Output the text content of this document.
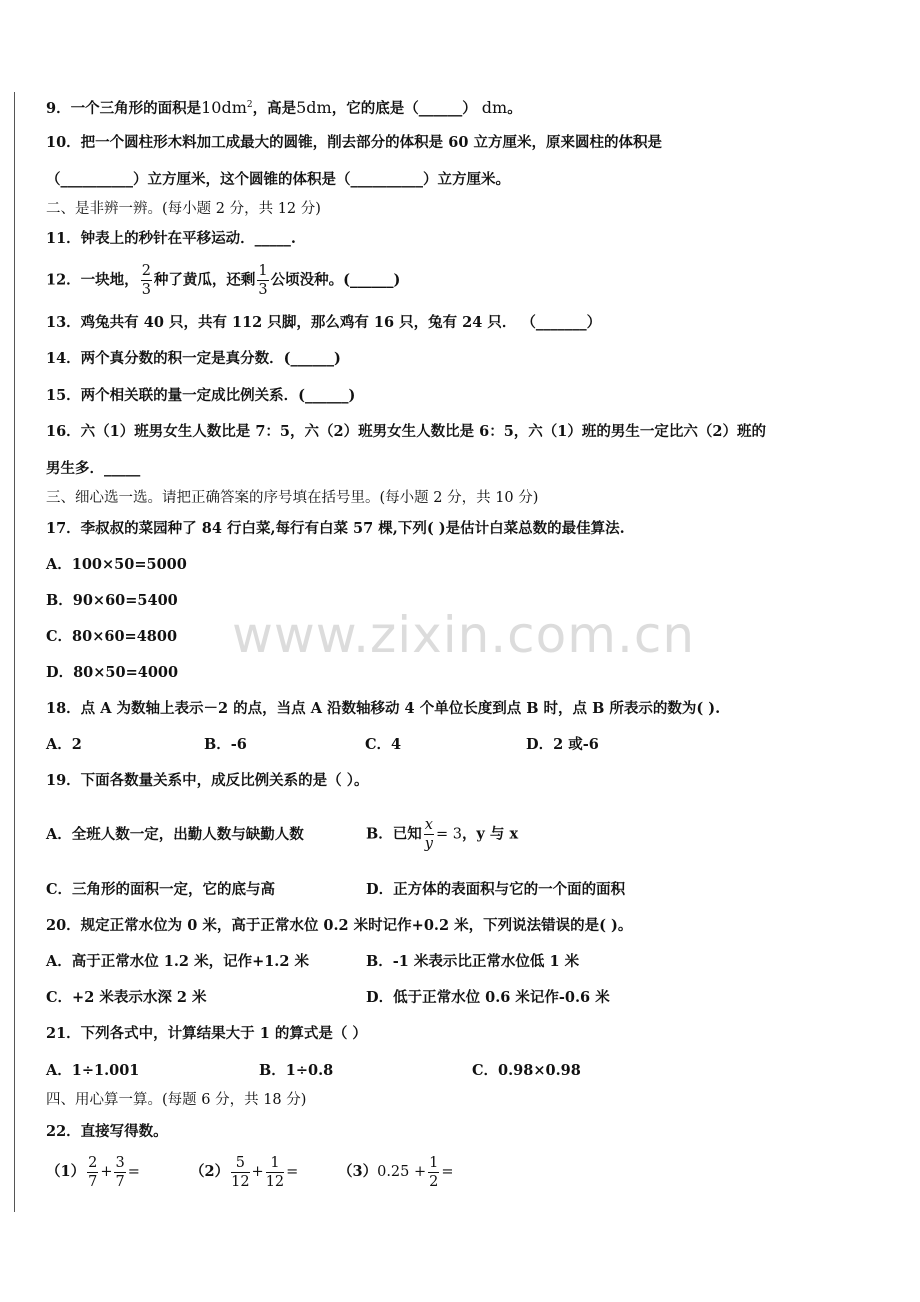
www.zixin.com.cn
9．一个三角形的面积是$10dm^2$，高是5dm，它的底是（______） dm。
10．把一个圆柱形木料加工成最大的圆锥，削去部分的体积是 60 立方厘米，原来圆柱的体积是
（__________）立方厘米，这个圆锥的体积是（__________）立方厘米。
二、是非辨一辨。(每小题 2 分，共 12 分)
11．钟表上的秒针在平移运动．_____.
12．一块地， $\frac{2}{3}$ 种了黄瓜，还剩 $\frac{1}{3}$ 公顷没种。(______)
13．鸡兔共有 40 只，共有 112 只脚，那么鸡有 16 只，兔有 24 只． （_______）
14．两个真分数的积一定是真分数．(______)
15．两个相关联的量一定成比例关系．(______)
16．六（1）班男女生人数比是 7：5，六（2）班男女生人数比是 6：5，六（1）班的男生一定比六（2）班的
男生多．_____
三、细心选一选。请把正确答案的序号填在括号里。(每小题 2 分，共 10 分)
17．李叔叔的菜园种了 84 行白菜,每行有白菜 57 棵,下列( )是估计白菜总数的最佳算法.
A．100×50=5000
B．90×60=5400
C．80×60=4800
D．80×50=4000
18．点 A 为数轴上表示－2 的点，当点 A 沿数轴移动 4 个单位长度到点 B 时，点 B 所表示的数为( ).
A．2	B．-6	C．4	D．2 或-6
19．下面各数量关系中，成反比例关系的是（ ）。
A．全班人数一定，出勤人数与缺勤人数	B．已知 $\frac{x}{y} = 3$，y 与 x
C．三角形的面积一定，它的底与高	D．正方体的表面积与它的一个面的面积
20．规定正常水位为 0 米，高于正常水位 0.2 米时记作+0.2 米，下列说法错误的是( )。
A．高于正常水位 1.2 米，记作+1.2 米	B．-1 米表示比正常水位低 1 米
C．+2 米表示水深 2 米	D．低于正常水位 0.6 米记作-0.6 米
21．下列各式中，计算结果大于 1 的算式是（ ）
A．1÷1.001	B．1÷0.8	C．0.98×0.98
四、用心算一算。(每题 6 分，共 18 分)
22．直接写得数。
$(1) \frac{2}{7} + \frac{3}{7}$ =	$(2) \frac{5}{12} + \frac{1}{12}$ =	$(3)0.25 + \frac{1}{2}$ =
